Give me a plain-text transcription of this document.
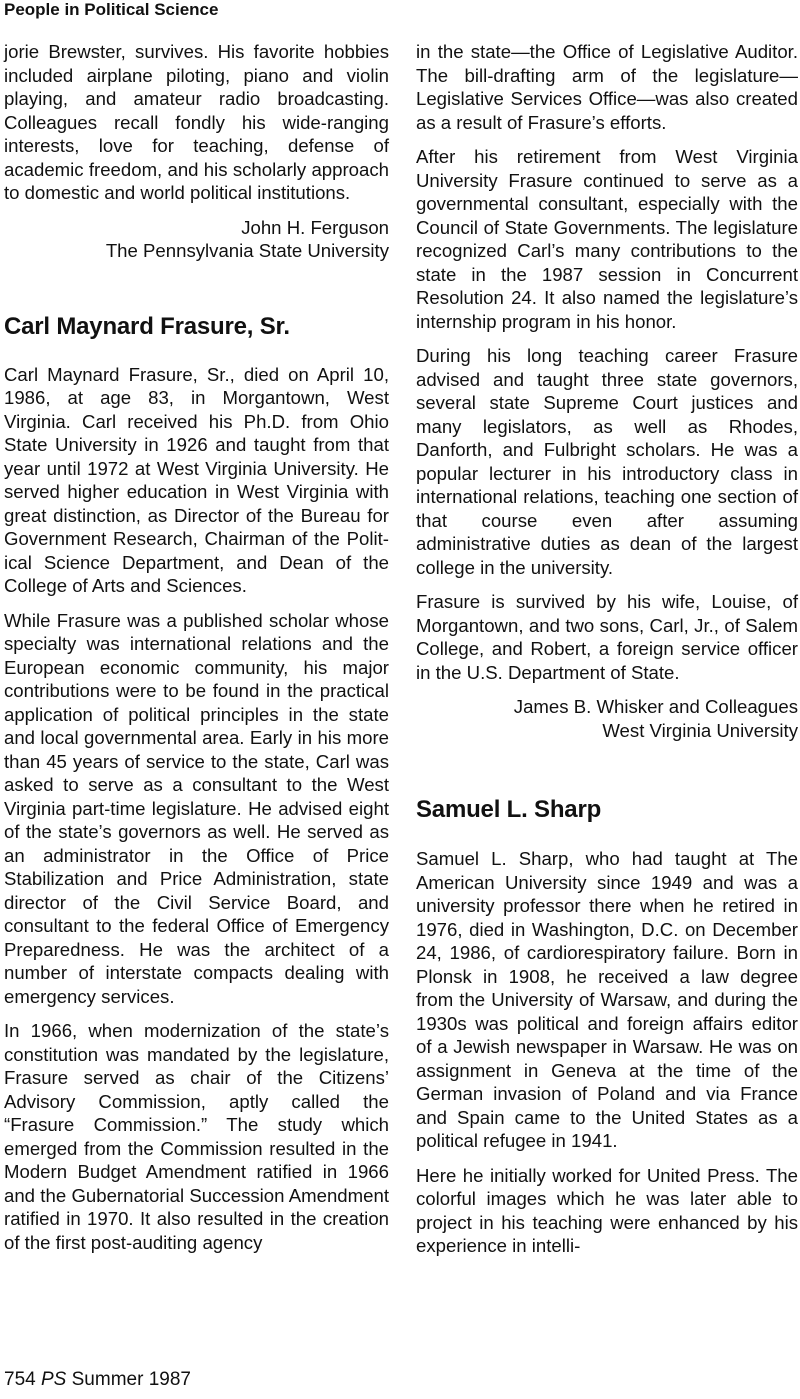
People in Political Science

jorie Brewster, survives. His favorite hobbies included airplane piloting, piano and violin playing, and amateur radio broadcasting. Colleagues recall fondly his wide-ranging interests, love for teaching, defense of academic freedom, and his scholarly approach to domestic and world political institutions.

John H. Ferguson
The Pennsylvania State University
Carl Maynard Frasure, Sr.

Carl Maynard Frasure, Sr., died on April 10, 1986, at age 83, in Morgantown, West Virginia. Carl received his Ph.D. from Ohio State University in 1926 and taught from that year until 1972 at West Virginia University. He served higher education in West Virginia with great distinction, as Director of the Bureau for Government Research, Chairman of the Political Science Department, and Dean of the College of Arts and Sciences.

While Frasure was a published scholar whose specialty was international relations and the European economic community, his major contributions were to be found in the practical application of political principles in the state and local governmental area. Early in his more than 45 years of service to the state, Carl was asked to serve as a consultant to the West Virginia part-time legislature. He advised eight of the state’s governors as well. He served as an administrator in the Office of Price Stabilization and Price Administration, state director of the Civil Service Board, and consultant to the federal Office of Emergency Preparedness. He was the architect of a number of interstate compacts dealing with emergency services.

In 1966, when modernization of the state’s constitution was mandated by the legislature, Frasure served as chair of the Citizens’ Advisory Commission, aptly called the “Frasure Commission.” The study which emerged from the Commission resulted in the Modern Budget Amendment ratified in 1966 and the Gubernatorial Succession Amendment ratified in 1970. It also resulted in the creation of the first post-auditing agency

in the state—the Office of Legislative Auditor. The bill-drafting arm of the legislature—Legislative Services Office—was also created as a result of Frasure’s efforts.

After his retirement from West Virginia University Frasure continued to serve as a governmental consultant, especially with the Council of State Governments. The legislature recognized Carl’s many contributions to the state in the 1987 session in Concurrent Resolution 24. It also named the legislature’s internship program in his honor.

During his long teaching career Frasure advised and taught three state governors, several state Supreme Court justices and many legislators, as well as Rhodes, Danforth, and Fulbright scholars. He was a popular lecturer in his introductory class in international relations, teaching one section of that course even after assuming administrative duties as dean of the largest college in the university.

Frasure is survived by his wife, Louise, of Morgantown, and two sons, Carl, Jr., of Salem College, and Robert, a foreign service officer in the U.S. Department of State.

James B. Whisker and Colleagues
West Virginia University
Samuel L. Sharp

Samuel L. Sharp, who had taught at The American University since 1949 and was a university professor there when he retired in 1976, died in Washington, D.C. on December 24, 1986, of cardiorespiratory failure. Born in Plonsk in 1908, he received a law degree from the University of Warsaw, and during the 1930s was political and foreign affairs editor of a Jewish newspaper in Warsaw. He was on assignment in Geneva at the time of the German invasion of Poland and via France and Spain came to the United States as a political refugee in 1941.

Here he initially worked for United Press. The colorful images which he was later able to project in his teaching were enhanced by his experience in intelli-

754 PS Summer 1987
